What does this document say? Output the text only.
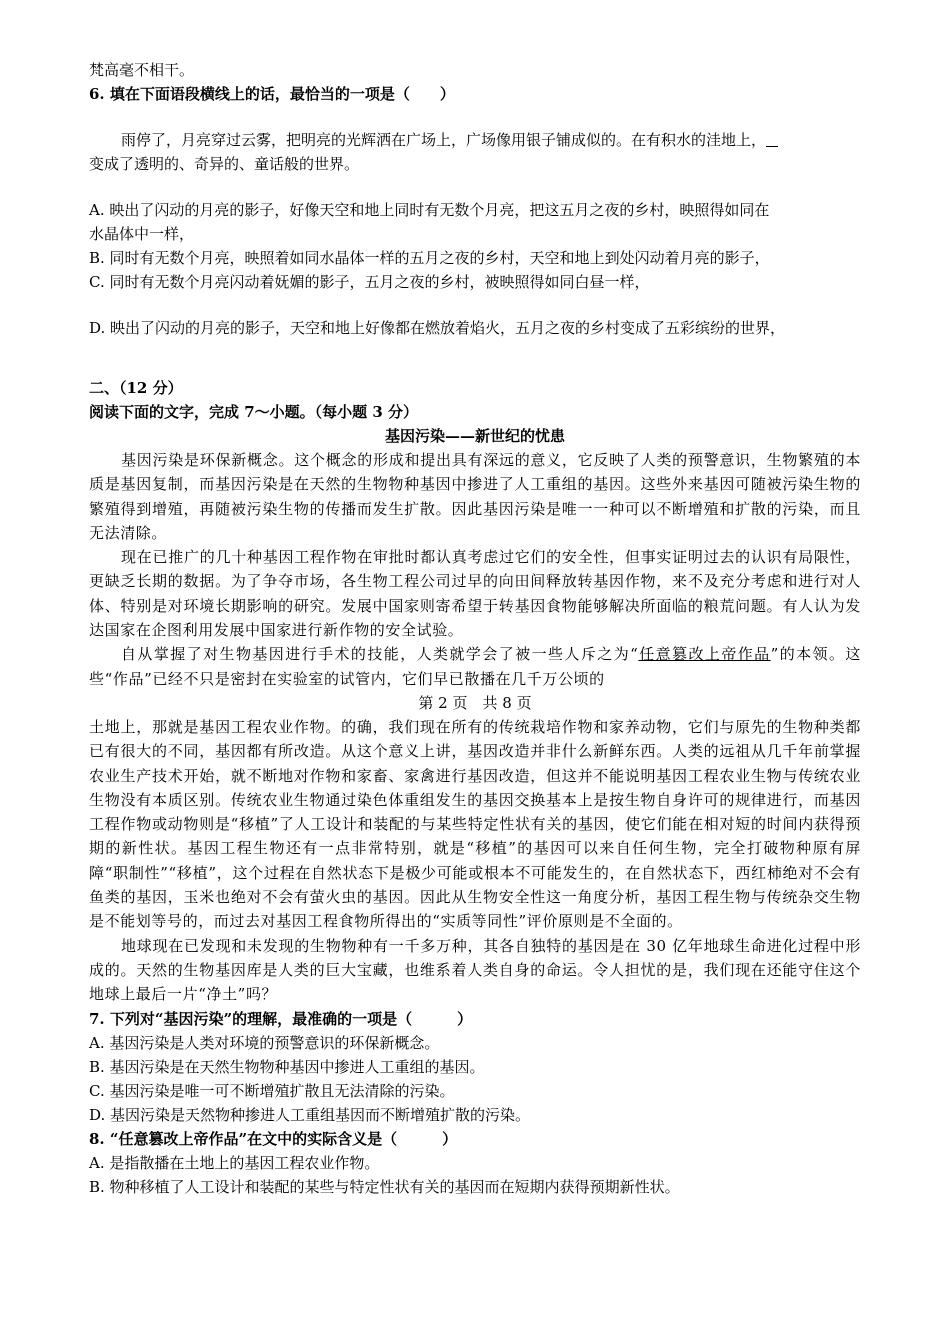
梵高毫不相干。
6. 填在下面语段横线上的话，最恰当的一项是（　　）
雨停了，月亮穿过云雾，把明亮的光辉洒在广场上，广场像用银子铺成似的。在有积水的洼地上，
变成了透明的、奇异的、童话般的世界。
A. 映出了闪动的月亮的影子，好像天空和地上同时有无数个月亮，把这五月之夜的乡村，映照得如同在
水晶体中一样，
B. 同时有无数个月亮，映照着如同水晶体一样的五月之夜的乡村，天空和地上到处闪动着月亮的影子，
C. 同时有无数个月亮闪动着妩媚的影子，五月之夜的乡村，被映照得如同白昼一样，
D. 映出了闪动的月亮的影子，天空和地上好像都在燃放着焰火，五月之夜的乡村变成了五彩缤纷的世界，
二、（12 分）
阅读下面的文字，完成 7～小题。（每小题 3 分）
基因污染——新世纪的忧患

基因污染是环保新概念。这个概念的形成和提出具有深远的意义，它反映了人类的预警意识，生物繁殖的本质是基因复制，而基因污染是在天然的生物物种基因中掺进了人工重组的基因。这些外来基因可随被污染生物的繁殖得到增殖，再随被污染生物的传播而发生扩散。因此基因污染是唯一一种可以不断增殖和扩散的污染，而且无法清除。

现在已推广的几十种基因工程作物在审批时都认真考虑过它们的安全性，但事实证明过去的认识有局限性，更缺乏长期的数据。为了争夺市场，各生物工程公司过早的向田间释放转基因作物，来不及充分考虑和进行对人体、特别是对环境长期影响的研究。发展中国家则寄希望于转基因食物能够解决所面临的粮荒问题。有人认为发达国家在企图利用发展中国家进行新作物的安全试验。

自从掌握了对生物基因进行手术的技能，人类就学会了被一些人斥之为“任意篡改上帝作品”的本领。这些“作品”已经不只是密封在实验室的试管内，它们早已散播在几千万公顷的

第 2 页　共 8 页

土地上，那就是基因工程农业作物。的确，我们现在所有的传统栽培作物和家养动物，它们与原先的生物种类都已有很大的不同，基因都有所改造。从这个意义上讲，基因改造并非什么新鲜东西。人类的远祖从几千年前掌握农业生产技术开始，就不断地对作物和家畜、家禽进行基因改造，但这并不能说明基因工程农业生物与传统农业生物没有本质区别。传统农业生物通过染色体重组发生的基因交换基本上是按生物自身许可的规律进行，而基因工程作物或动物则是“移植”了人工设计和装配的与某些特定性状有关的基因，使它们能在相对短的时间内获得预期的新性状。基因工程生物还有一点非常特别，就是“移植”的基因可以来自任何生物，完全打破物种原有屏障“职制性”“移植”，这个过程在自然状态下是极少可能或根本不可能发生的，在自然状态下，西红柿绝对不会有鱼类的基因，玉米也绝对不会有萤火虫的基因。因此从生物安全性这一角度分析，基因工程生物与传统杂交生物是不能划等号的，而过去对基因工程食物所得出的“实质等同性”评价原则是不全面的。

地球现在已发现和未发现的生物物种有一千多万种，其各自独特的基因是在 30 亿年地球生命进化过程中形成的。天然的生物基因库是人类的巨大宝藏，也维系着人类自身的命运。令人担忧的是，我们现在还能守住这个地球上最后一片“净土”吗？

7. 下列对“基因污染”的理解，最准确的一项是（　　　）
A. 基因污染是人类对环境的预警意识的环保新概念。
B. 基因污染是在天然生物物种基因中掺进人工重组的基因。
C. 基因污染是唯一可不断增殖扩散且无法清除的污染。
D. 基因污染是天然物种掺进人工重组基因而不断增殖扩散的污染。
8. “任意篡改上帝作品”在文中的实际含义是（　　　）
A. 是指散播在土地上的基因工程农业作物。
B. 物种移植了人工设计和装配的某些与特定性状有关的基因而在短期内获得预期新性状。
